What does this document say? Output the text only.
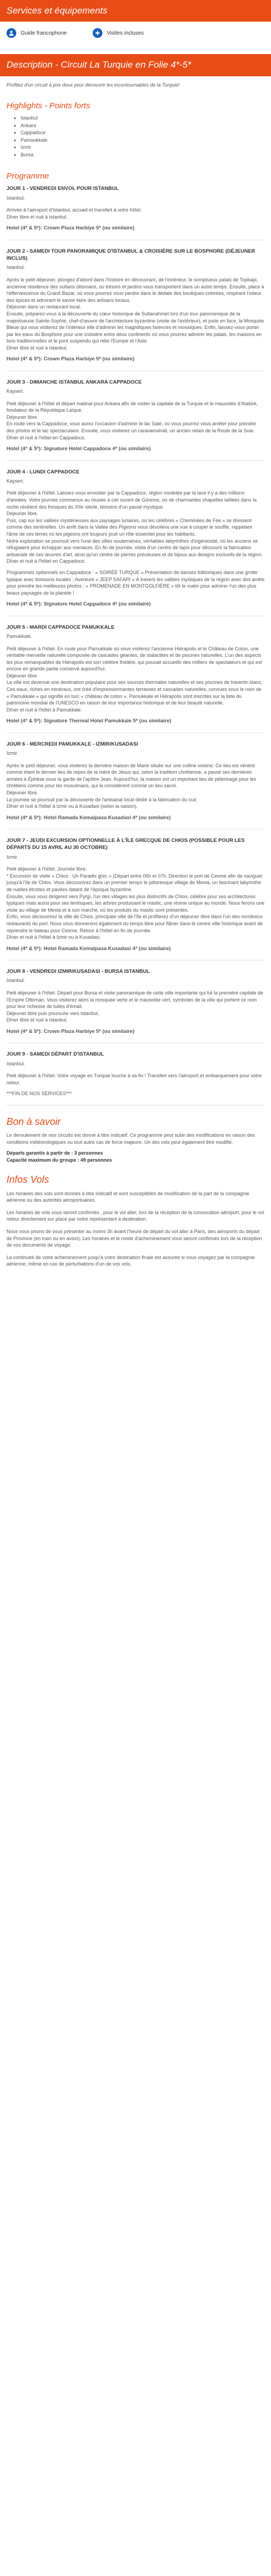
Services et équipements
Guide francophone	Visites incluses
Description - Circuit La Turquie en Folie 4*-5*

Profitez d'un circuit à prix doux pour découvrir les incontournables de la Turquie!

Highlights - Points forts
• Istanbul
• Ankara
• Cappadoce
• Pamoukkale
• Izmir
• Bursa
Programme

JOUR 1 - VENDREDI ENVOL POUR ISTANBUL

Istanbul.

Arrivée à l'aéroport d'Istanbul, accueil et transfert à votre hôtel.
Dîner libre et nuit à Istanbul.

Hotel (4* & 5*): Crown Plaza Harbiye 5* (ou similaire)

JOUR 2 - SAMEDI TOUR PANORAMIQUE D'ISTANBUL & CROISIÈRE SUR LE BOSPHORE (DÉJEUNER INCLUS)

Istanbul.

Après le petit déjeuner, plongez d'abord dans l'histoire en découvrant, de l'extérieur, le somptueux palais de Topkapi, ancienne résidence des sultans ottomans, ou trésors et jardins vous transportent dans un autre temps. Ensuite, place à l'effervescence du Grand Bazar, où vous pourrez vous perdre dans le dédale des boutiques colorées, respirant l'odeur des épices et admirant le savoir-faire des artisans locaux.
Déjeuner dans un restaurant local.
Ensuite, préparez-vous à la découverte du cœur historique de Sultanahmet lors d'un tour panoramique de la majestueuse Sainte-Sophie, chef-d'œuvre de l'architecture byzantine (visite de l'extérieur), et juste en face, la Mosquée Bleue qui vous visiterez de l'intérieur elle d'admirer les magnifiques faïences et mosaïques. Enfin, laissez-vous porter par les eaux du Bosphore pour une croisière entre deux continents où vous pourrez admirer les palais, les maisons en bois traditionnelles et le pont suspendu qui relie l'Europe et l'Asie.
Dîner libre et nuit à Istanbul.

Hotel (4* & 5*): Crown Plaza Harbiye 5* (ou similaire)

JOUR 3 - DIMANCHE ISTANBUL ANKARA CAPPADOCE

Kayseri.

Petit déjeuner à l'hôtel et départ matinal pour Ankara afin de visiter la capitale de la Turquie et le mausolée d'Atatürk, fondateur de la République Laïque.
Déjeuner libre.
En route vers la Cappadoce, vous aurez l'occasion d'admirer le lac Salé, où vous pourrez vous arrêter pour prendre des photos et le lac spectaculaire. Ensuite, vous visiterez un caravansérail, un ancien relais de la Route de la Soie.
Dîner et nuit à l'hôtel en Cappadoce.

Hotel (4* & 5*): Signature Hotel Cappadoce 4* (ou similaire)

JOUR 4 - LUNDI CAPPADOCE

Kayseri.

Petit déjeuner à l'hôtel. Laissez-vous envoûter par la Cappadoce, région modelée par la lave il y a des millions d'années. Votre journée commence au musée à ciel ouvert de Göreme, où de charmantes chapelles taillées dans la roche révèlent des fresques du XIIe siècle, témoins d'un passé mystique.
Déjeuner libre.
Puis, cap sur les vallées mystérieuses aux paysages lunaires, où les célèbres « Cheminées de Fée » se dressent comme des sentinelles. Un arrêt dans la Vallée des Pigeons vous dévoilera une vue à couper le souffle, rappelant l'âme de ces terres où les pigeons ont toujours joué un rôle essentiel pour les habitants.
Notre exploration se poursuit vers l'une des villes souterraines, véritables labyrinthes d'ingéniosité, où les anciens se réfugiaient pour échapper aux menaces. En fin de journée, visite d'un centre de tapis pour découvrir la fabrication artisanale de ces œuvres d'art, ainsi qu'un centre de pierres précieuses et de bijoux aux designs exclusifs de la région.
Dîner et nuit à l'hôtel en Cappadoce.

Programmes optionnels en Cappadoce : « SOIRÉE TURQUE » Présentation de danses folkloriques dans une grotte typique avec boissons locales ; Aventure « JEEP SAFARI » À travers les vallées mystiques de la région avec des arrêts pour prendre les meilleures photos ; « PROMENADE EN MONTGOLFIÈRE » tôt le matin pour admirer l'un des plus beaux paysages de la planète !

Hotel (4* & 5*): Signature Hotel Cappadoce 4* (ou similaire)

JOUR 5 - MARDI CAPPADOCE PAMUKKALE

Pamukkale.

Petit déjeuner à l'hôtel. En route pour Pamukkale où vous visiterez l'ancienne Hiérapolis et le Château de Coton, une véritable merveille naturelle composée de cascades géantes, de stalactites et de piscines naturelles. L'un des aspects les plus remarquables de Hiérapolis est son célèbre théâtre, qui pouvait accueillir des milliers de spectateurs et qui est encore en grande partie conservé aujourd'hui.
Déjeuner libre
La ville est devenue une destination populaire pour ses sources thermales naturelles et ses piscines de travertin blanc. Ces eaux, riches en minéraux, ont créé d'impressionnantes terrasses et cascades naturelles, connues sous le nom de « Pamukkale » qui signifie en turc « château de coton ». Pamukkale et Hiérapolis sont inscrites sur la liste du patrimoine mondial de l'UNESCO en raison de leur importance historique et de leur beauté naturelle.
Dîner et nuit à l'hôtel à Pamukkale.

Hotel (4* & 5*): Signature Thermal Hotel Pamukkale 5* (ou similaire)

JOUR 6 - MERCREDI PAMUKKALE - IZMIR/KUSADASI

Izmir.

Après le petit déjeuner, vous visiterez la dernière maison de Marie située sur une colline voisine. Ce lieu est vénéré comme étant le dernier lieu de repos de la mère de Jésus qui, selon la tradition chrétienne, a passé ses dernières années à Éphèse sous la garde de l'apôtre Jean. Aujourd'hui, la maison est un important lieu de pèlerinage pour les chrétiens comme pour les musulmans, qui la considèrent comme un lieu sacré.
Déjeuner libre.
La journée se poursuit par la découverte de l'artisanat local dédié à la fabrication du cuir.
Dîner et nuit à l'hôtel à Izmir ou à Kusadasi (selon la saison).

Hotel (4* & 5*): Hotel Ramada Kemalpasa Kusadasi 4* (ou similaire)

JOUR 7 - JEUDI EXCURSION OPTIONNELLE À L'ÎLE GRECQUE DE CHIOS (POSSIBLE POUR LES DÉPARTS DU 15 AVRIL AU 30 OCTOBRE)

Izmir.

Petit déjeuner à l'hôtel. Journée libre.
* Excursion de visite « Chios : Un Paradis grec » (Départ entre 06h et 07h. Direction le port de Cesme afin de naviguer jusqu'à l'île de Chios. Vous découvrirez dans un premier temps le pittoresque village de Mesta, un fascinant labyrinthe de ruelles étroites et pavées datant de l'époque byzantine.
Ensuite, vous vous dirigerez vers Pyrgi, l'un des villages les plus distinctifs de Chios, célèbre pour ses architectures typiques mais aussi pour ses lentisques, les arbres produisant le mastic, une résine unique au monde. Nous ferons une visite au village de Mesta et à son marché, où les produits du mastic sont présentés.
Enfin, vous découvrirez la ville de Chios, principale ville de l'île et profiterez d'un déjeuner libre dans l'un des nombreux restaurants du port. Nous vous donnerons également du temps libre pour flâner dans le centre ville historique avant de reprendre le bateau pour Cesme. Retour à l'hôtel en fin de journée.
Dîner et nuit à l'hôtel à Izmir ou à Kusadasi.

Hotel (4* & 5*): Hotel Ramada Kemalpasa Kusadasi 4* (ou similaire)

JOUR 8 - VENDREDI IZMIR/KUSADASI - BURSA ISTANBUL

Istanbul.

Petit déjeuner à l'hôtel. Départ pour Bursa et visite panoramique de cette ville importante qui fut la première capitale de l'Empire Ottoman. Vous visiterez alors la mosquée verte et le mausolée vert, symboles de la ville qui portent ce nom pour leur richesse de tuiles d'émail.
Déjeuner libre puis poursuite vers Istanbul.
Dîner libre et nuit à Istanbul.

Hotel (4* & 5*): Crown Plaza Harbiye 5* (ou similaire)

JOUR 9 - SAMEDI DÉPART D'ISTANBUL

Istanbul.

Petit déjeuner à l'hôtel. Votre voyage en Turquie touche à sa fin ! Transfert vers l'aéroport et embarquement pour votre retour.

***FIN DE NOS SERVICES***

Bon à savoir

Le déroulement de nos circuits est donné à titre indicatif. Ce programme peut subir des modifications en raison des conditions météorologiques ou tout autre cas de force majeure. Un des vols peut également être modifié.

Départs garantis à partir de : 3 personnes
Capacité maximum du groupe : 49 personnes

Infos Vols

Les horaires des vols sont donnés à titre indicatif et sont susceptibles de modification de la part de la compagnie aérienne ou des autorités aéroportuaires.

Les horaires de vols vous seront confirmés , pour le vol aller, lors de la réception de la convocation aéroport, pour le vol retour directement sur place par notre représentant à destination.

Nous vous prions de vous présenter au moins 3h avant l'heure de départ du vol aller à Paris, des aéroports du départ de Province (en train ou en avion). Les horaires et le mode d'acheminement vous seront confirmés lors de la réception de vos documents de voyage.

La continuité de votre acheminement jusqu'à votre destination finale est assurée si vous voyagez par la compagnie aérienne, même en cas de perturbations d'un de vos vols.
